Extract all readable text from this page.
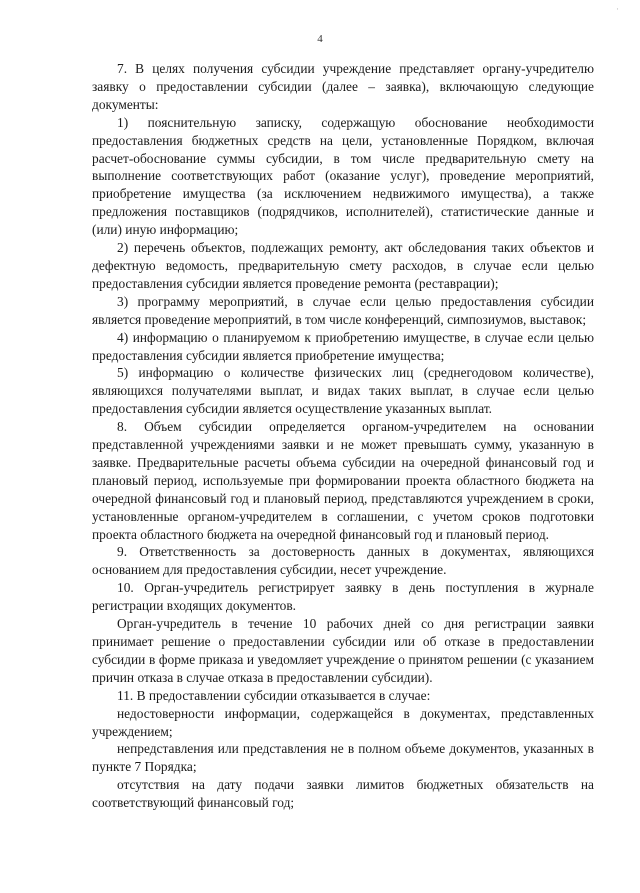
·
4

7. В целях получения субсидии учреждение представляет органу-учредителю заявку о предоставлении субсидии (далее – заявка), включающую следующие документы:

1) пояснительную записку, содержащую обоснование необходимости предоставления бюджетных средств на цели, установленные Порядком, включая расчет-обоснование суммы субсидии, в том числе предварительную смету на выполнение соответствующих работ (оказание услуг), проведение мероприятий, приобретение имущества (за исключением недвижимого имущества), а также предложения поставщиков (подрядчиков, исполнителей), статистические данные и (или) иную информацию;

2) перечень объектов, подлежащих ремонту, акт обследования таких объектов и дефектную ведомость, предварительную смету расходов, в случае если целью предоставления субсидии является проведение ремонта (реставрации);

3) программу мероприятий, в случае если целью предоставления субсидии является проведение мероприятий, в том числе конференций, симпозиумов, выставок;

4) информацию о планируемом к приобретению имуществе, в случае если целью предоставления субсидии является приобретение имущества;

5) информацию о количестве физических лиц (среднегодовом количестве), являющихся получателями выплат, и видах таких выплат, в случае если целью предоставления субсидии является осуществление указанных выплат.

8. Объем субсидии определяется органом-учредителем на основании представленной учреждениями заявки и не может превышать сумму, указанную в заявке. Предварительные расчеты объема субсидии на очередной финансовый год и плановый период, используемые при формировании проекта областного бюджета на очередной финансовый год и плановый период, представляются учреждением в сроки, установленные органом-учредителем в соглашении, с учетом сроков подготовки проекта областного бюджета на очередной финансовый год и плановый период.

9. Ответственность за достоверность данных в документах, являющихся основанием для предоставления субсидии, несет учреждение.

10. Орган-учредитель регистрирует заявку в день поступления в журнале регистрации входящих документов.

Орган-учредитель в течение 10 рабочих дней со дня регистрации заявки принимает решение о предоставлении субсидии или об отказе в предоставлении субсидии в форме приказа и уведомляет учреждение о принятом решении (с указанием причин отказа в случае отказа в предоставлении субсидии).

11. В предоставлении субсидии отказывается в случае:

недостоверности информации, содержащейся в документах, представленных учреждением;

непредставления или представления не в полном объеме документов, указанных в пункте 7 Порядка;

отсутствия на дату подачи заявки лимитов бюджетных обязательств на соответствующий финансовый год;
